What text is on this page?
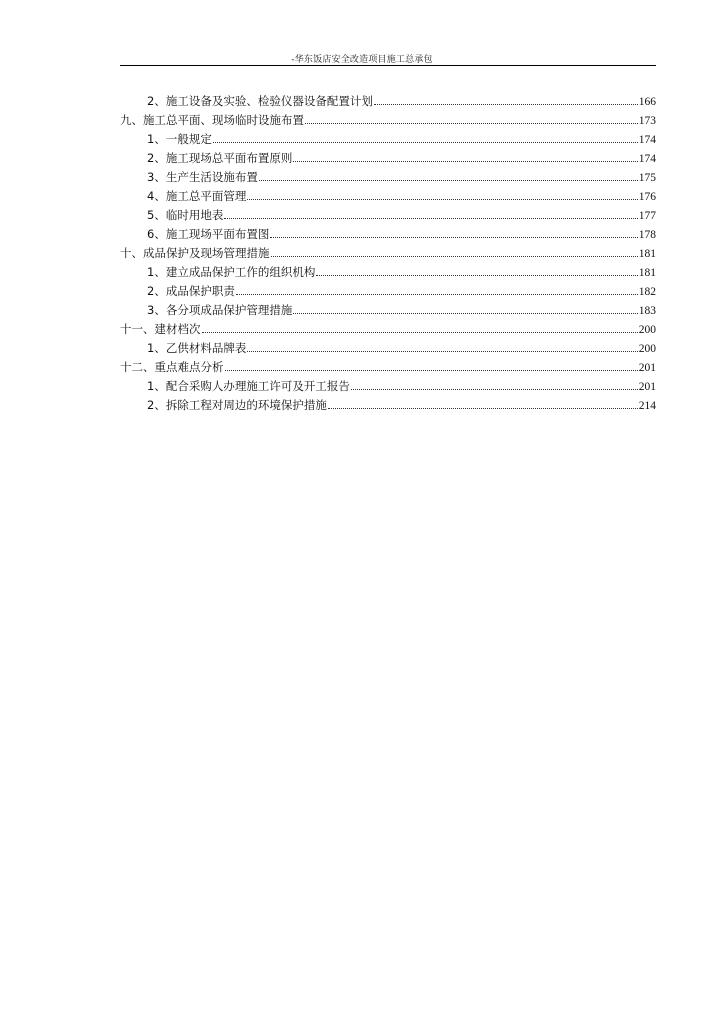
-华东饭店安全改造项目施工总承包
2、施工设备及实验、检验仪器设备配置计划	166
九、施工总平面、现场临时设施布置	173
1、一般规定	174
2、施工现场总平面布置原则	174
3、生产生活设施布置	175
4、施工总平面管理	176
5、临时用地表	177
6、施工现场平面布置图	178
十、成品保护及现场管理措施	181
1、建立成品保护工作的组织机构	181
2、成品保护职责	182
3、各分项成品保护管理措施	183
十一、建材档次	200
1、乙供材料品牌表	200
十二、重点难点分析	201
1、配合采购人办理施工许可及开工报告	201
2、拆除工程对周边的环境保护措施	214
